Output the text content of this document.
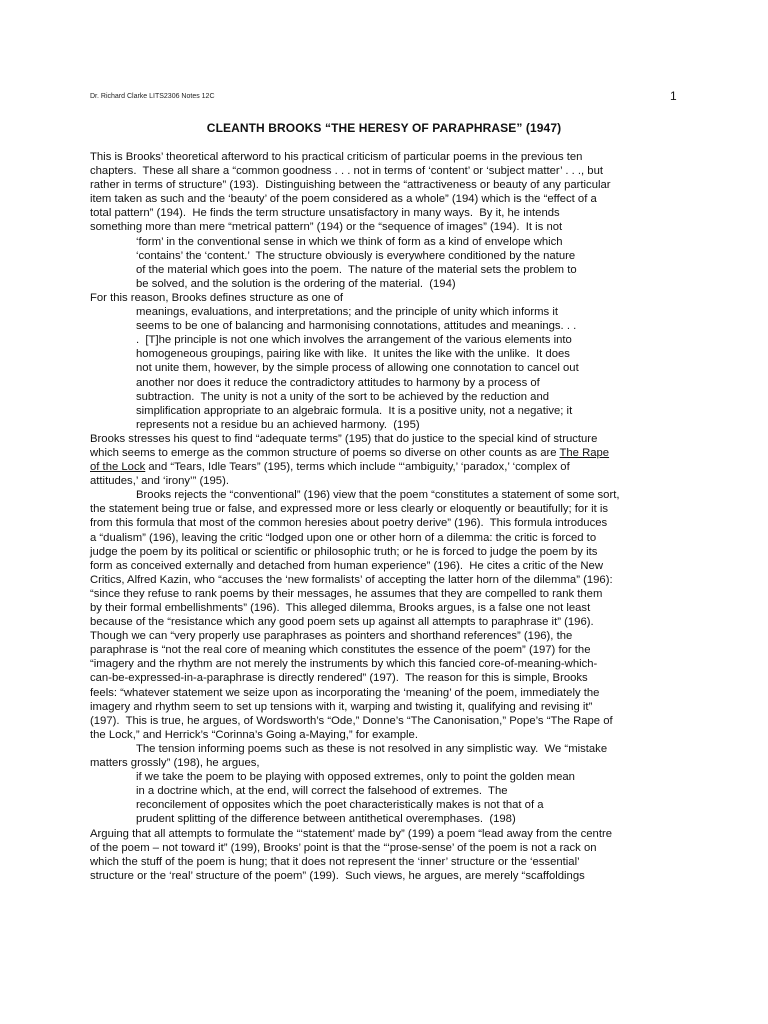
Dr. Richard Clarke LITS2306 Notes 12C	1
CLEANTH BROOKS “THE HERESY OF PARAPHRASE” (1947)
This is Brooks’ theoretical afterword to his practical criticism of particular poems in the previous ten
chapters.  These all share a “common goodness . . . not in terms of ‘content’ or ‘subject matter’ . . ., but
rather in terms of structure” (193).  Distinguishing between the “attractiveness or beauty of any particular
item taken as such and the ‘beauty’ of the poem considered as a whole” (194) which is the “effect of a
total pattern” (194).  He finds the term structure unsatisfactory in many ways.  By it, he intends
something more than mere “metrical pattern” (194) or the “sequence of images” (194).  It is not
‘form’ in the conventional sense in which we think of form as a kind of envelope which
‘contains’ the ‘content.’  The structure obviously is everywhere conditioned by the nature
of the material which goes into the poem.  The nature of the material sets the problem to
be solved, and the solution is the ordering of the material.  (194)
For this reason, Brooks defines structure as one of
meanings, evaluations, and interpretations; and the principle of unity which informs it
seems to be one of balancing and harmonising connotations, attitudes and meanings. . .
.  [T]he principle is not one which involves the arrangement of the various elements into
homogeneous groupings, pairing like with like.  It unites the like with the unlike.  It does
not unite them, however, by the simple process of allowing one connotation to cancel out
another nor does it reduce the contradictory attitudes to harmony by a process of
subtraction.  The unity is not a unity of the sort to be achieved by the reduction and
simplification appropriate to an algebraic formula.  It is a positive unity, not a negative; it
represents not a residue bu an achieved harmony.  (195)
Brooks stresses his quest to find “adequate terms” (195) that do justice to the special kind of structure
which seems to emerge as the common structure of poems so diverse on other counts as are The Rape
of the Lock and “Tears, Idle Tears” (195), terms which include “‘ambiguity,’ ‘paradox,’ ‘complex of
attitudes,’ and ‘irony’” (195).
Brooks rejects the “conventional” (196) view that the poem “constitutes a statement of some sort,
the statement being true or false, and expressed more or less clearly or eloquently or beautifully; for it is
from this formula that most of the common heresies about poetry derive” (196).  This formula introduces
a “dualism” (196), leaving the critic “lodged upon one or other horn of a dilemma: the critic is forced to
judge the poem by its political or scientific or philosophic truth; or he is forced to judge the poem by its
form as conceived externally and detached from human experience” (196).  He cites a critic of the New
Critics, Alfred Kazin, who “accuses the ‘new formalists’ of accepting the latter horn of the dilemma” (196):
“since they refuse to rank poems by their messages, he assumes that they are compelled to rank them
by their formal embellishments” (196).  This alleged dilemma, Brooks argues, is a false one not least
because of the “resistance which any good poem sets up against all attempts to paraphrase it” (196).
Though we can “very properly use paraphrases as pointers and shorthand references” (196), the
paraphrase is “not the real core of meaning which constitutes the essence of the poem” (197) for the
“imagery and the rhythm are not merely the instruments by which this fancied core-of-meaning-which-
can-be-expressed-in-a-paraphrase is directly rendered” (197).  The reason for this is simple, Brooks
feels: “whatever statement we seize upon as incorporating the ‘meaning’ of the poem, immediately the
imagery and rhythm seem to set up tensions with it, warping and twisting it, qualifying and revising it”
(197).  This is true, he argues, of Wordsworth’s “Ode,” Donne’s “The Canonisation,” Pope’s “The Rape of
the Lock,” and Herrick’s “Corinna’s Going a-Maying,” for example.
The tension informing poems such as these is not resolved in any simplistic way.  We “mistake
matters grossly” (198), he argues,
if we take the poem to be playing with opposed extremes, only to point the golden mean
in a doctrine which, at the end, will correct the falsehood of extremes.  The
reconcilement of opposites which the poet characteristically makes is not that of a
prudent splitting of the difference between antithetical overemphases.  (198)
Arguing that all attempts to formulate the “‘statement’ made by” (199) a poem “lead away from the centre
of the poem – not toward it” (199), Brooks’ point is that the “‘prose-sense’ of the poem is not a rack on
which the stuff of the poem is hung; that it does not represent the ‘inner’ structure or the ‘essential’
structure or the ‘real’ structure of the poem” (199).  Such views, he argues, are merely “scaffoldings
